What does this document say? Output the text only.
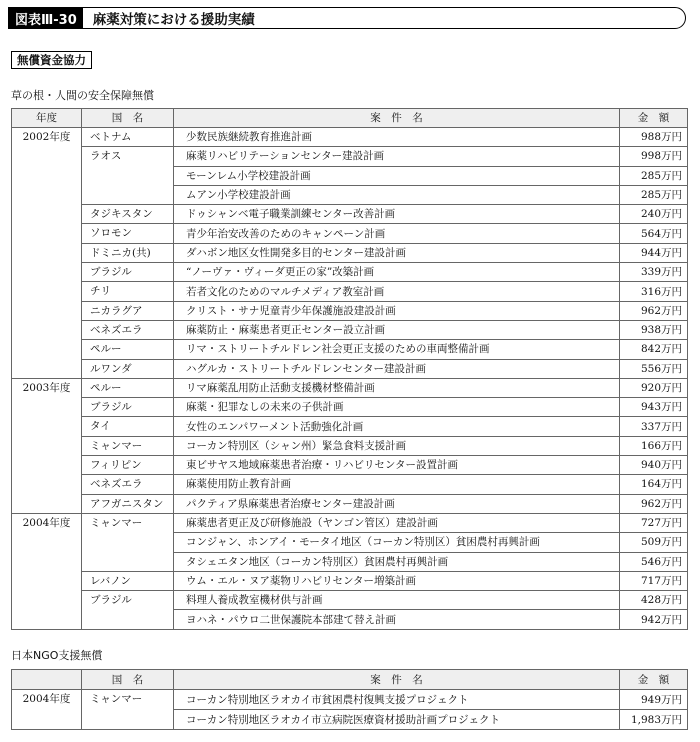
図表Ⅲ-30	麻薬対策における援助実績
無償資金協力
草の根・人間の安全保障無償
年度	国　名	案　件　名	金　額
2002年度	ベトナム	少数民族継続教育推進計画	988万円
	ラオス	麻薬リハビリテーションセンター建設計画	998万円
		モーンレム小学校建設計画	285万円
		ムアン小学校建設計画	285万円
	タジキスタン	ドゥシャンベ電子職業訓練センター改善計画	240万円
	ソロモン	青少年治安改善のためのキャンペーン計画	564万円
	ドミニカ(共)	ダハボン地区女性開発多目的センター建設計画	944万円
	ブラジル	“ノーヴァ・ヴィーダ更正の家”改築計画	339万円
	チリ	若者文化のためのマルチメディア教室計画	316万円
	ニカラグア	クリスト・サナ児童青少年保護施設建設計画	962万円
	ベネズエラ	麻薬防止・麻薬患者更正センター設立計画	938万円
	ペルー	リマ・ストリートチルドレン社会更正支援のための車両整備計画	842万円
	ルワンダ	ハグルカ・ストリートチルドレンセンター建設計画	556万円
2003年度	ペルー	リマ麻薬乱用防止活動支援機材整備計画	920万円
	ブラジル	麻薬・犯罪なしの未来の子供計画	943万円
	タイ	女性のエンパワーメント活動強化計画	337万円
	ミャンマー	コーカン特別区（シャン州）緊急食料支援計画	166万円
	フィリピン	東ビサヤス地域麻薬患者治療・リハビリセンター設置計画	940万円
	ベネズエラ	麻薬使用防止教育計画	164万円
	アフガニスタン	パクティア県麻薬患者治療センター建設計画	962万円
2004年度	ミャンマー	麻薬患者更正及び研修施設（ヤンゴン管区）建設計画	727万円
		コンジャン、ホンアイ・モータイ地区（コーカン特別区）貧困農村再興計画	509万円
		タシェエタン地区（コーカン特別区）貧困農村再興計画	546万円
	レバノン	ウム・エル・ヌア薬物リハビリセンター増築計画	717万円
	ブラジル	料理人養成教室機材供与計画	428万円
		ヨハネ・パウロ二世保護院本部建て替え計画	942万円
日本NGO支援無償
	国　名	案　件　名	金　額
2004年度	ミャンマー	コーカン特別地区ラオカイ市貧困農村復興支援プロジェクト	949万円
		コーカン特別地区ラオカイ市立病院医療資材援助計画プロジェクト	1,983万円
